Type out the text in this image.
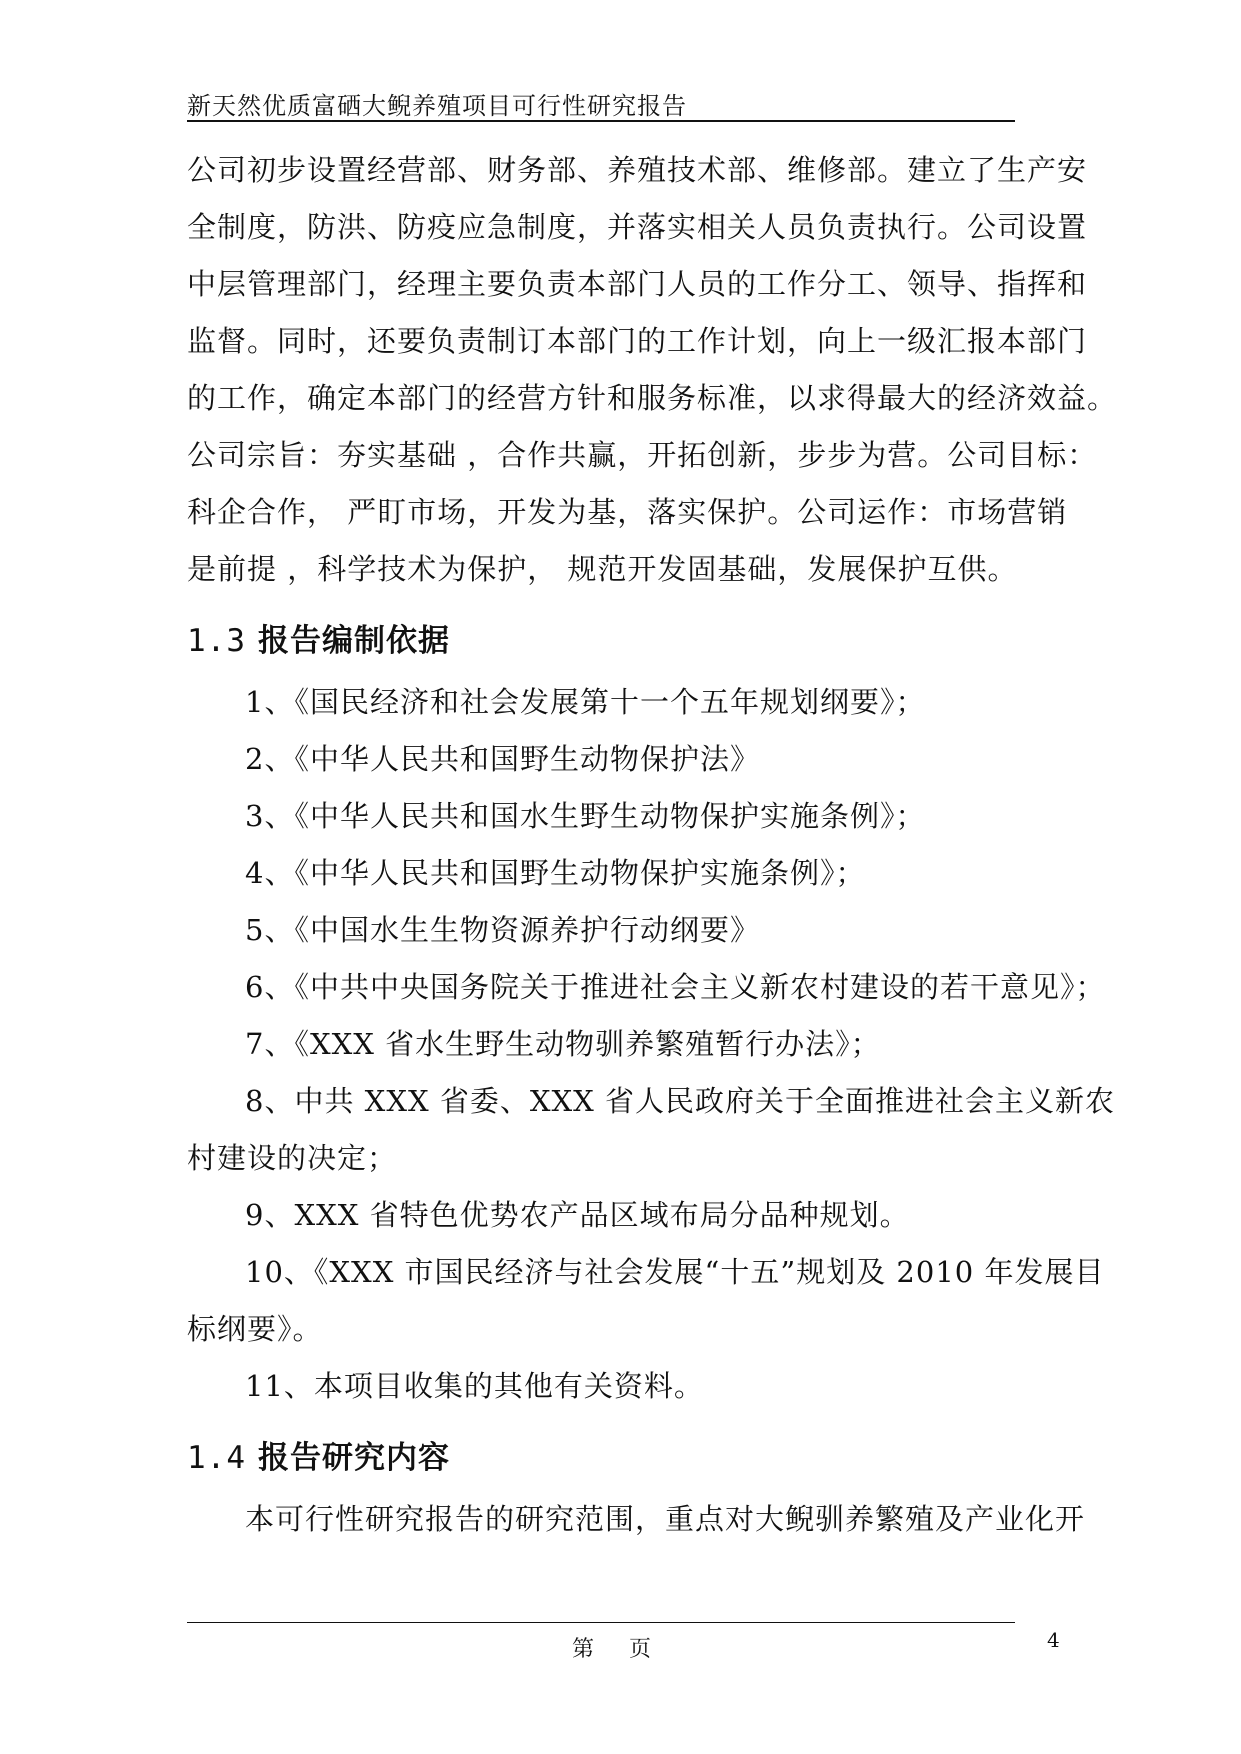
新天然优质富硒大鲵养殖项目可行性研究报告

公司初步设置经营部、财务部、养殖技术部、维修部。建立了生产安
全制度，防洪、防疫应急制度，并落实相关人员负责执行。公司设置
中层管理部门，经理主要负责本部门人员的工作分工、领导、指挥和
监督。同时，还要负责制订本部门的工作计划，向上一级汇报本部门
的工作，确定本部门的经营方针和服务标准，以求得最大的经济效益。
公司宗旨：夯实基础 ，合作共赢，开拓创新，步步为营。公司目标：
科企合作， 严盯市场，开发为基，落实保护。公司运作：市场营销
是前提 ，科学技术为保护， 规范开发固基础，发展保护互供。

1.3 报告编制依据
1、《国民经济和社会发展第十一个五年规划纲要》；
2、《中华人民共和国野生动物保护法》
3、《中华人民共和国水生野生动物保护实施条例》；
4、《中华人民共和国野生动物保护实施条例》；
5、《中国水生生物资源养护行动纲要》
6、《中共中央国务院关于推进社会主义新农村建设的若干意见》；
7、《XXX 省水生野生动物驯养繁殖暂行办法》；
8、中共 XXX 省委、XXX 省人民政府关于全面推进社会主义新农
村建设的决定；
9、XXX 省特色优势农产品区域布局分品种规划。
10、《XXX 市国民经济与社会发展“十五”规划及 2010 年发展目
标纲要》。
11、本项目收集的其他有关资料。
1.4 报告研究内容
本可行性研究报告的研究范围，重点对大鲵驯养繁殖及产业化开
第 页	4
